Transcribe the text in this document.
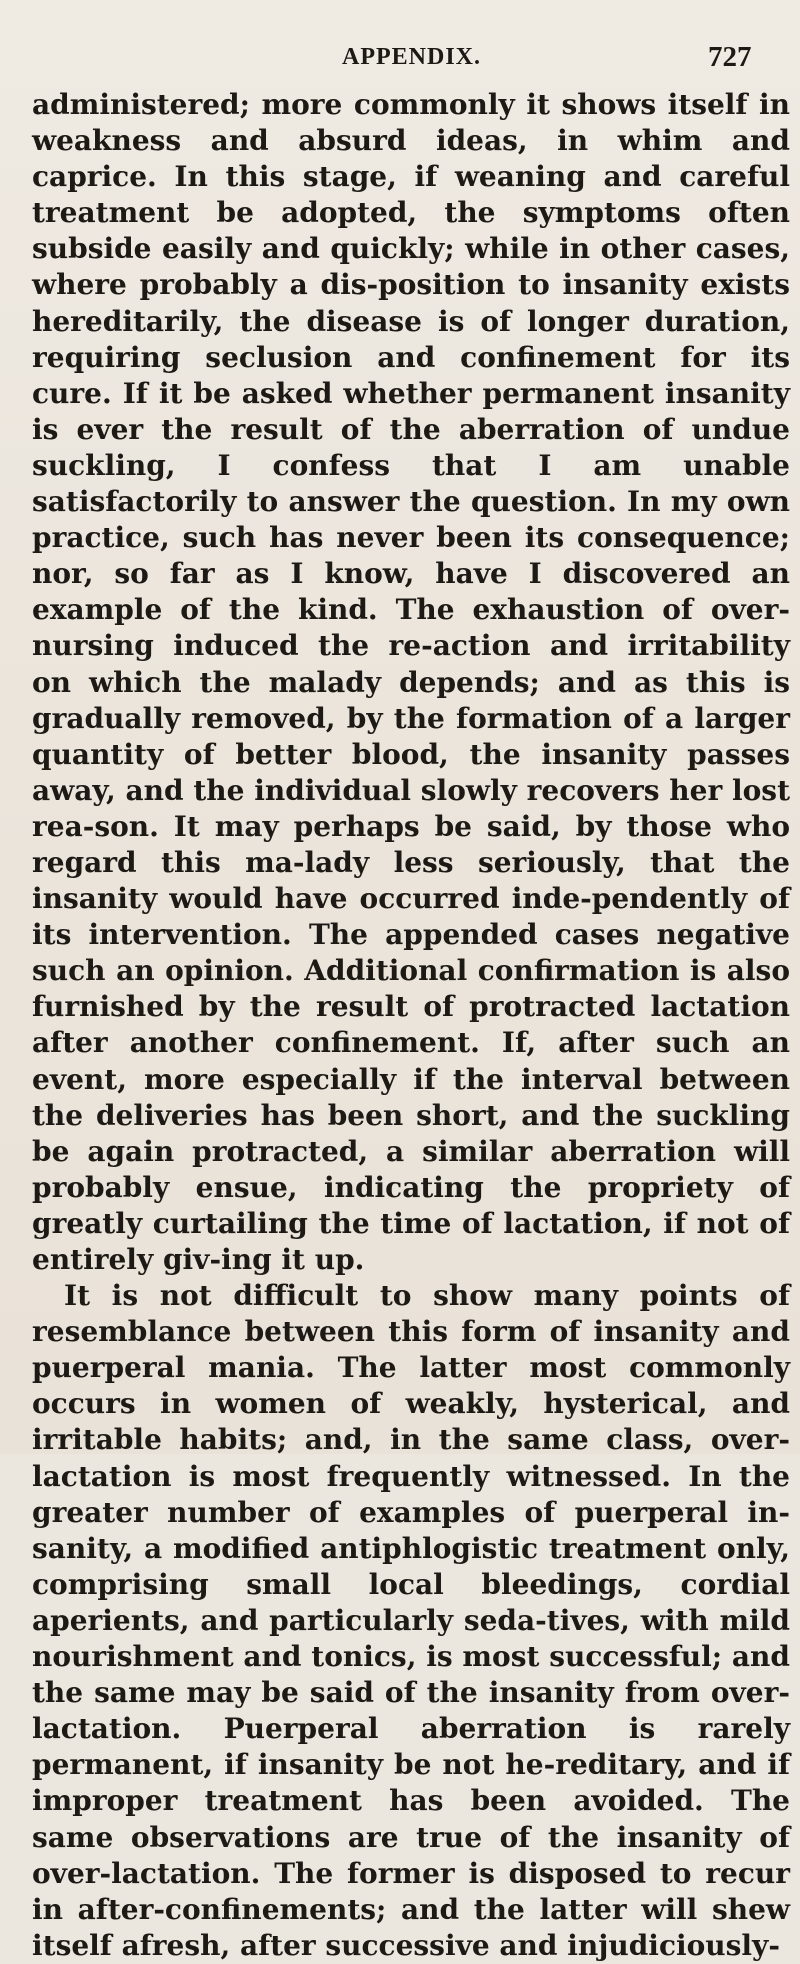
APPENDIX.	727

administered; more commonly it shows itself in weakness and absurd ideas, in whim and caprice. In this stage, if weaning and careful treatment be adopted, the symptoms often subside easily and quickly; while in other cases, where probably a dis-position to insanity exists hereditarily, the disease is of longer duration, requiring seclusion and confinement for its cure. If it be asked whether permanent insanity is ever the result of the aberration of undue suckling, I confess that I am unable satisfactorily to answer the question. In my own practice, such has never been its consequence; nor, so far as I know, have I discovered an example of the kind. The exhaustion of over-nursing induced the re-action and irritability on which the malady depends; and as this is gradually removed, by the formation of a larger quantity of better blood, the insanity passes away, and the individual slowly recovers her lost rea-son. It may perhaps be said, by those who regard this ma-lady less seriously, that the insanity would have occurred inde-pendently of its intervention. The appended cases negative such an opinion. Additional confirmation is also furnished by the result of protracted lactation after another confinement. If, after such an event, more especially if the interval between the deliveries has been short, and the suckling be again protracted, a similar aberration will probably ensue, indicating the propriety of greatly curtailing the time of lactation, if not of entirely giv-ing it up.

It is not difficult to show many points of resemblance between this form of insanity and puerperal mania. The latter most commonly occurs in women of weakly, hysterical, and irritable habits; and, in the same class, over-lactation is most frequently witnessed. In the greater number of examples of puerperal in-sanity, a modified antiphlogistic treatment only, comprising small local bleedings, cordial aperients, and particularly seda-tives, with mild nourishment and tonics, is most successful; and the same may be said of the insanity from over-lactation. Puerperal aberration is rarely permanent, if insanity be not he-reditary, and if improper treatment has been avoided. The same observations are true of the insanity of over-lactation. The former is disposed to recur in after-confinements; and the latter will shew itself afresh, after successive and injudiciously-
